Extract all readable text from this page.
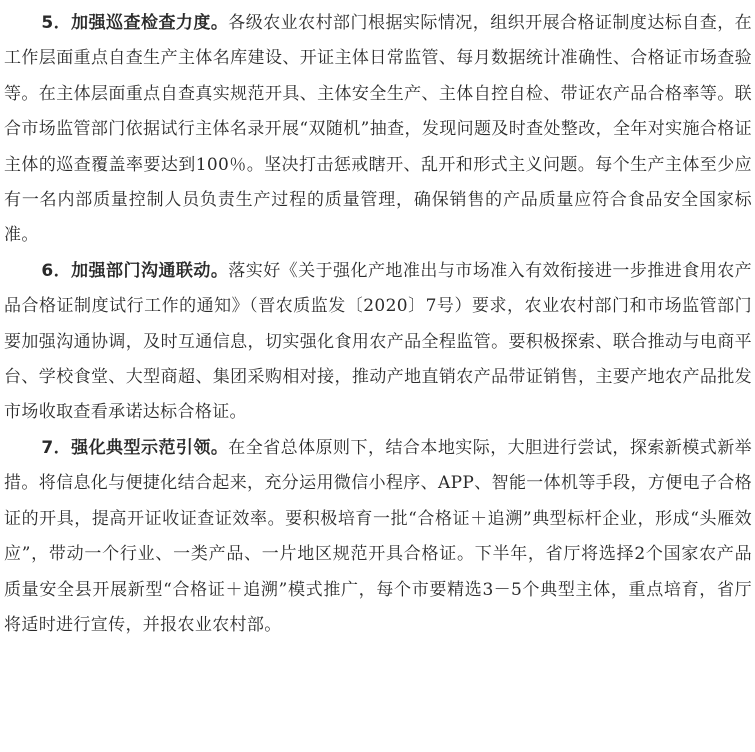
5．加强巡查检查力度。各级农业农村部门根据实际情况，组织开展合格证制度达标自查，在工作层面重点自查生产主体名库建设、开证主体日常监管、每月数据统计准确性、合格证市场查验等。在主体层面重点自查真实规范开具、主体安全生产、主体自控自检、带证农产品合格率等。联合市场监管部门依据试行主体名录开展“双随机”抽查，发现问题及时查处整改，全年对实施合格证主体的巡查覆盖率要达到100％。坚决打击惩戒瞎开、乱开和形式主义问题。每个生产主体至少应有一名内部质量控制人员负责生产过程的质量管理，确保销售的产品质量应符合食品安全国家标准。

6．加强部门沟通联动。落实好《关于强化产地准出与市场准入有效衔接进一步推进食用农产品合格证制度试行工作的通知》（晋农质监发〔2020〕7号）要求，农业农村部门和市场监管部门要加强沟通协调，及时互通信息，切实强化食用农产品全程监管。要积极探索、联合推动与电商平台、学校食堂、大型商超、集团采购相对接，推动产地直销农产品带证销售，主要产地农产品批发市场收取查看承诺达标合格证。

7．强化典型示范引领。在全省总体原则下，结合本地实际，大胆进行尝试，探索新模式新举措。将信息化与便捷化结合起来，充分运用微信小程序、APP、智能一体机等手段，方便电子合格证的开具，提高开证收证查证效率。要积极培育一批“合格证＋追溯”典型标杆企业，形成“头雁效应”，带动一个行业、一类产品、一片地区规范开具合格证。下半年，省厅将选择2个国家农产品质量安全县开展新型“合格证＋追溯”模式推广，每个市要精选3－5个典型主体，重点培育，省厅将适时进行宣传，并报农业农村部。
